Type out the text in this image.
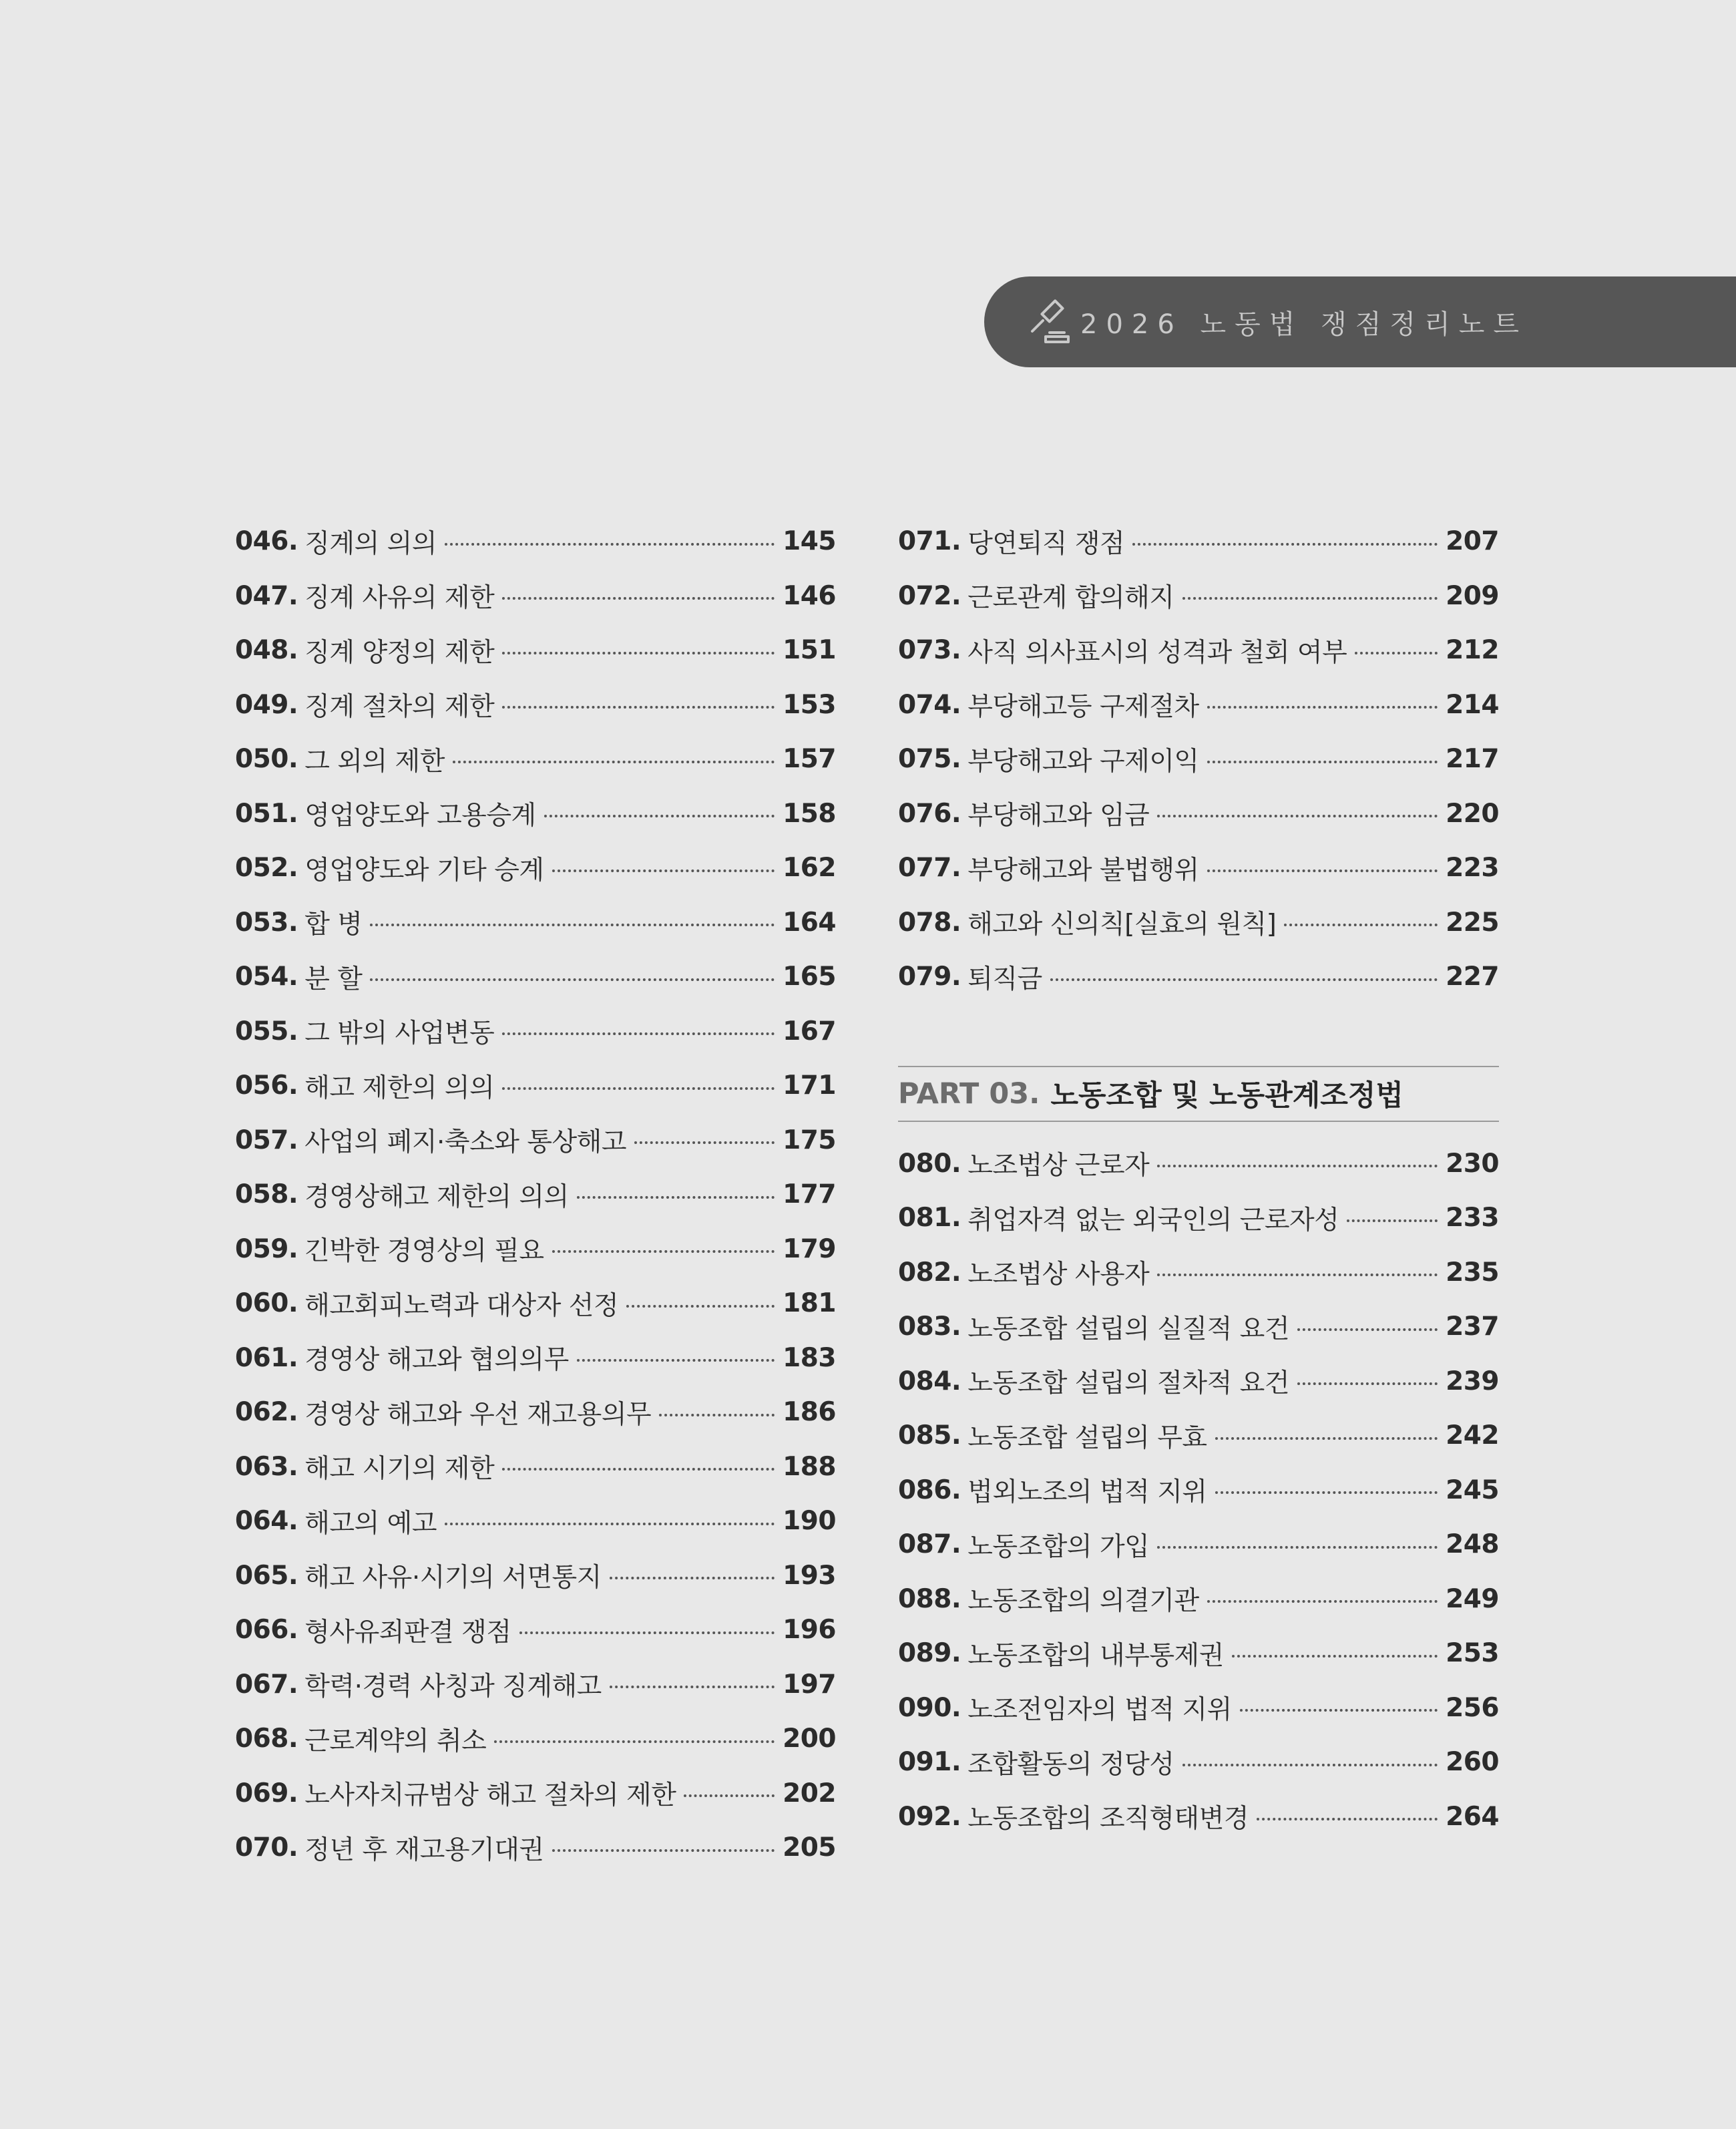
2026 노동법 쟁점정리노트
046. 징계의 의의	145
047. 징계 사유의 제한	146
048. 징계 양정의 제한	151
049. 징계 절차의 제한	153
050. 그 외의 제한	157
051. 영업양도와 고용승계	158
052. 영업양도와 기타 승계	162
053. 합 병	164
054. 분 할	165
055. 그 밖의 사업변동	167
056. 해고 제한의 의의	171
057. 사업의 폐지·축소와 통상해고	175
058. 경영상해고 제한의 의의	177
059. 긴박한 경영상의 필요	179
060. 해고회피노력과 대상자 선정	181
061. 경영상 해고와 협의의무	183
062. 경영상 해고와 우선 재고용의무	186
063. 해고 시기의 제한	188
064. 해고의 예고	190
065. 해고 사유·시기의 서면통지	193
066. 형사유죄판결 쟁점	196
067. 학력·경력 사칭과 징계해고	197
068. 근로계약의 취소	200
069. 노사자치규범상 해고 절차의 제한	202
070. 정년 후 재고용기대권	205
071. 당연퇴직 쟁점	207
072. 근로관계 합의해지	209
073. 사직 의사표시의 성격과 철회 여부	212
074. 부당해고등 구제절차	214
075. 부당해고와 구제이익	217
076. 부당해고와 임금	220
077. 부당해고와 불법행위	223
078. 해고와 신의칙[실효의 원칙]	225
079. 퇴직금	227
PART 03. 노동조합 및 노동관계조정법
080. 노조법상 근로자	230
081. 취업자격 없는 외국인의 근로자성	233
082. 노조법상 사용자	235
083. 노동조합 설립의 실질적 요건	237
084. 노동조합 설립의 절차적 요건	239
085. 노동조합 설립의 무효	242
086. 법외노조의 법적 지위	245
087. 노동조합의 가입	248
088. 노동조합의 의결기관	249
089. 노동조합의 내부통제권	253
090. 노조전임자의 법적 지위	256
091. 조합활동의 정당성	260
092. 노동조합의 조직형태변경	264
